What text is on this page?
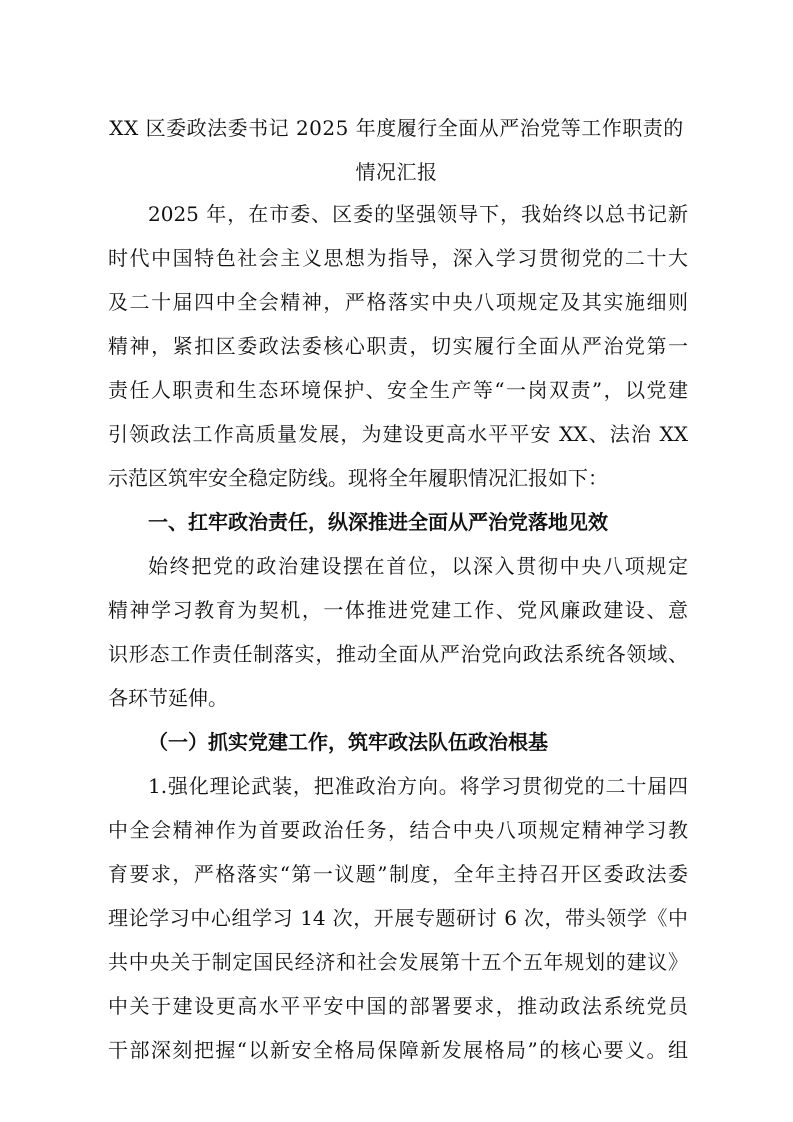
XX 区委政法委书记 2025 年度履行全面从严治党等工作职责的
情况汇报

2025 年，在市委、区委的坚强领导下，我始终以总书记新

时代中国特色社会主义思想为指导，深入学习贯彻党的二十大

及二十届四中全会精神，严格落实中央八项规定及其实施细则

精神，紧扣区委政法委核心职责，切实履行全面从严治党第一

责任人职责和生态环境保护、安全生产等“一岗双责”，以党建

引领政法工作高质量发展，为建设更高水平平安 XX、法治 XX

示范区筑牢安全稳定防线。现将全年履职情况汇报如下：

一、扛牢政治责任，纵深推进全面从严治党落地见效

始终把党的政治建设摆在首位，以深入贯彻中央八项规定

精神学习教育为契机，一体推进党建工作、党风廉政建设、意

识形态工作责任制落实，推动全面从严治党向政法系统各领域、

各环节延伸。

（一）抓实党建工作，筑牢政法队伍政治根基

1.强化理论武装，把准政治方向。将学习贯彻党的二十届四

中全会精神作为首要政治任务，结合中央八项规定精神学习教

育要求，严格落实“第一议题”制度，全年主持召开区委政法委

理论学习中心组学习 14 次，开展专题研讨 6 次，带头领学《中

共中央关于制定国民经济和社会发展第十五个五年规划的建议》

中关于建设更高水平平安中国的部署要求，推动政法系统党员

干部深刻把握“以新安全格局保障新发展格局”的核心要义。组
